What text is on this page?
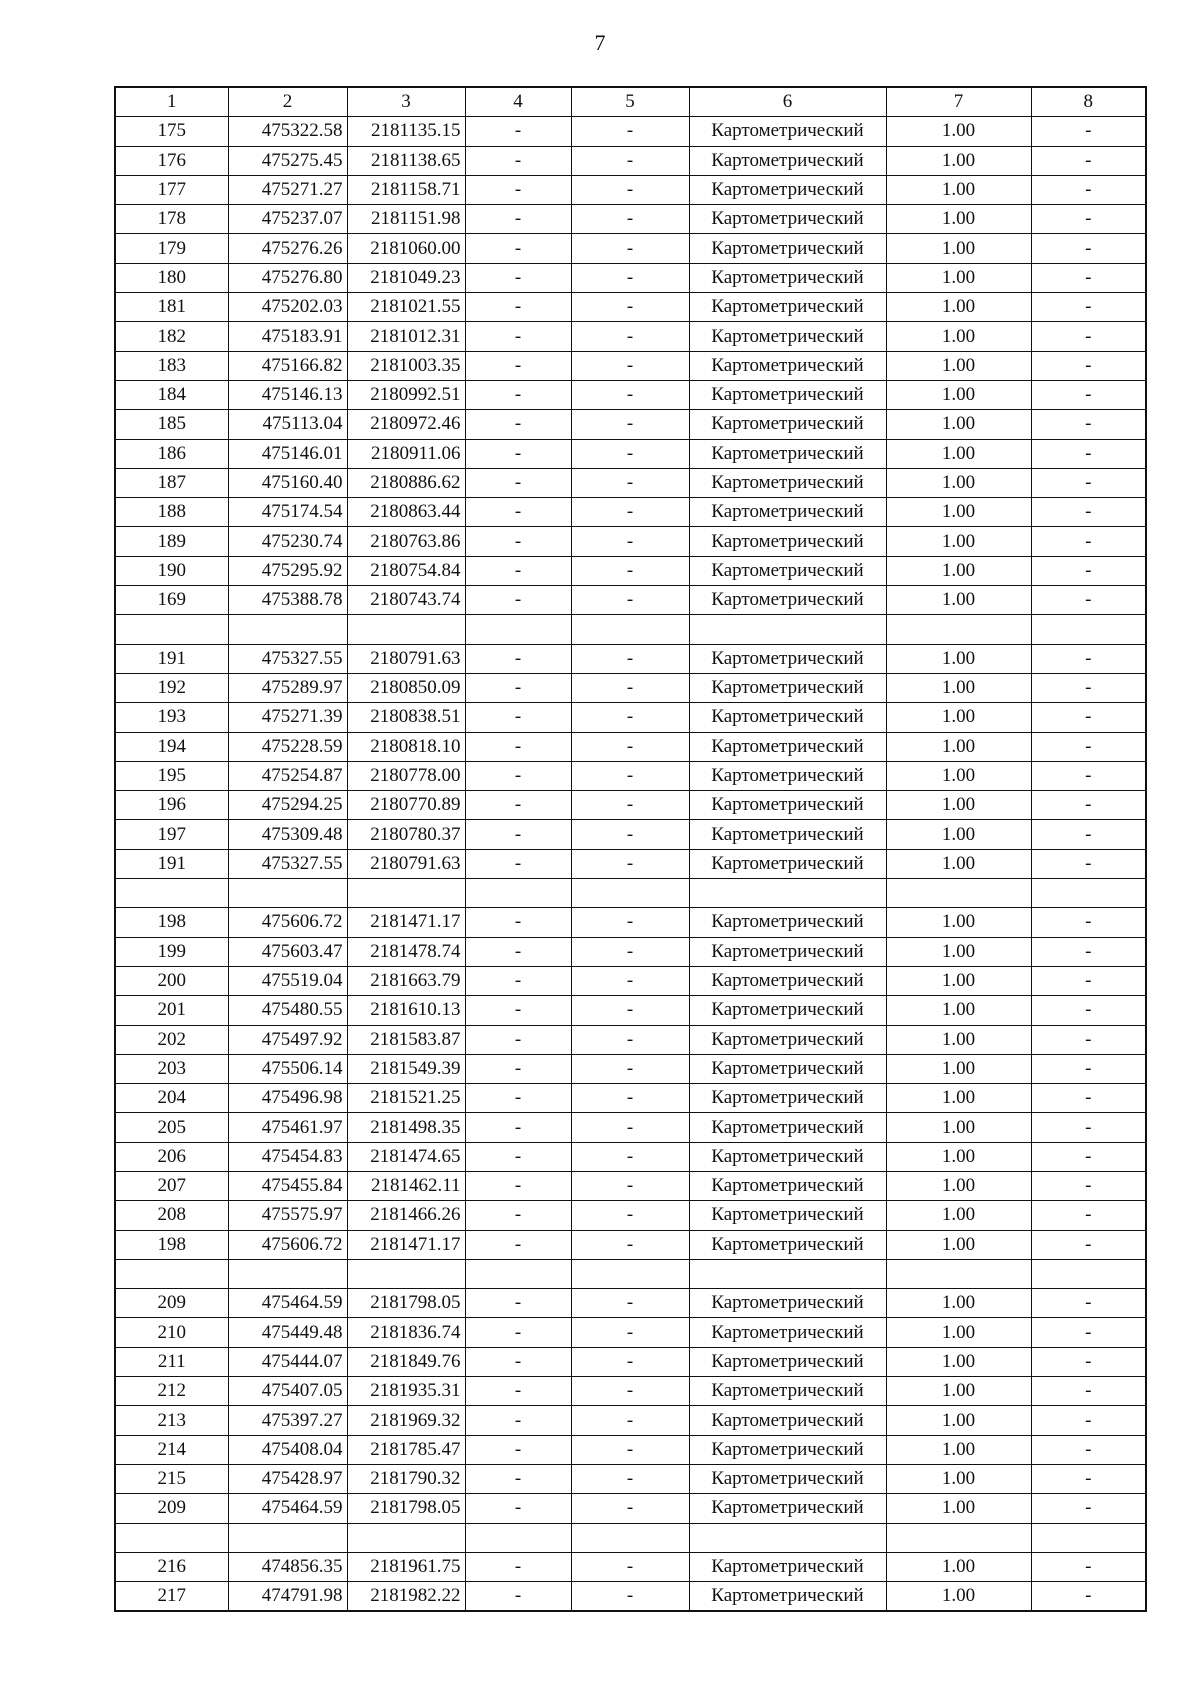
7
1	2	3	4	5	6	7	8
175	475322.58	2181135.15	-	-	Картометрический	1.00	-
176	475275.45	2181138.65	-	-	Картометрический	1.00	-
177	475271.27	2181158.71	-	-	Картометрический	1.00	-
178	475237.07	2181151.98	-	-	Картометрический	1.00	-
179	475276.26	2181060.00	-	-	Картометрический	1.00	-
180	475276.80	2181049.23	-	-	Картометрический	1.00	-
181	475202.03	2181021.55	-	-	Картометрический	1.00	-
182	475183.91	2181012.31	-	-	Картометрический	1.00	-
183	475166.82	2181003.35	-	-	Картометрический	1.00	-
184	475146.13	2180992.51	-	-	Картометрический	1.00	-
185	475113.04	2180972.46	-	-	Картометрический	1.00	-
186	475146.01	2180911.06	-	-	Картометрический	1.00	-
187	475160.40	2180886.62	-	-	Картометрический	1.00	-
188	475174.54	2180863.44	-	-	Картометрический	1.00	-
189	475230.74	2180763.86	-	-	Картометрический	1.00	-
190	475295.92	2180754.84	-	-	Картометрический	1.00	-
169	475388.78	2180743.74	-	-	Картометрический	1.00	-

191	475327.55	2180791.63	-	-	Картометрический	1.00	-
192	475289.97	2180850.09	-	-	Картометрический	1.00	-
193	475271.39	2180838.51	-	-	Картометрический	1.00	-
194	475228.59	2180818.10	-	-	Картометрический	1.00	-
195	475254.87	2180778.00	-	-	Картометрический	1.00	-
196	475294.25	2180770.89	-	-	Картометрический	1.00	-
197	475309.48	2180780.37	-	-	Картометрический	1.00	-
191	475327.55	2180791.63	-	-	Картометрический	1.00	-

198	475606.72	2181471.17	-	-	Картометрический	1.00	-
199	475603.47	2181478.74	-	-	Картометрический	1.00	-
200	475519.04	2181663.79	-	-	Картометрический	1.00	-
201	475480.55	2181610.13	-	-	Картометрический	1.00	-
202	475497.92	2181583.87	-	-	Картометрический	1.00	-
203	475506.14	2181549.39	-	-	Картометрический	1.00	-
204	475496.98	2181521.25	-	-	Картометрический	1.00	-
205	475461.97	2181498.35	-	-	Картометрический	1.00	-
206	475454.83	2181474.65	-	-	Картометрический	1.00	-
207	475455.84	2181462.11	-	-	Картометрический	1.00	-
208	475575.97	2181466.26	-	-	Картометрический	1.00	-
198	475606.72	2181471.17	-	-	Картометрический	1.00	-

209	475464.59	2181798.05	-	-	Картометрический	1.00	-
210	475449.48	2181836.74	-	-	Картометрический	1.00	-
211	475444.07	2181849.76	-	-	Картометрический	1.00	-
212	475407.05	2181935.31	-	-	Картометрический	1.00	-
213	475397.27	2181969.32	-	-	Картометрический	1.00	-
214	475408.04	2181785.47	-	-	Картометрический	1.00	-
215	475428.97	2181790.32	-	-	Картометрический	1.00	-
209	475464.59	2181798.05	-	-	Картометрический	1.00	-

216	474856.35	2181961.75	-	-	Картометрический	1.00	-
217	474791.98	2181982.22	-	-	Картометрический	1.00	-
